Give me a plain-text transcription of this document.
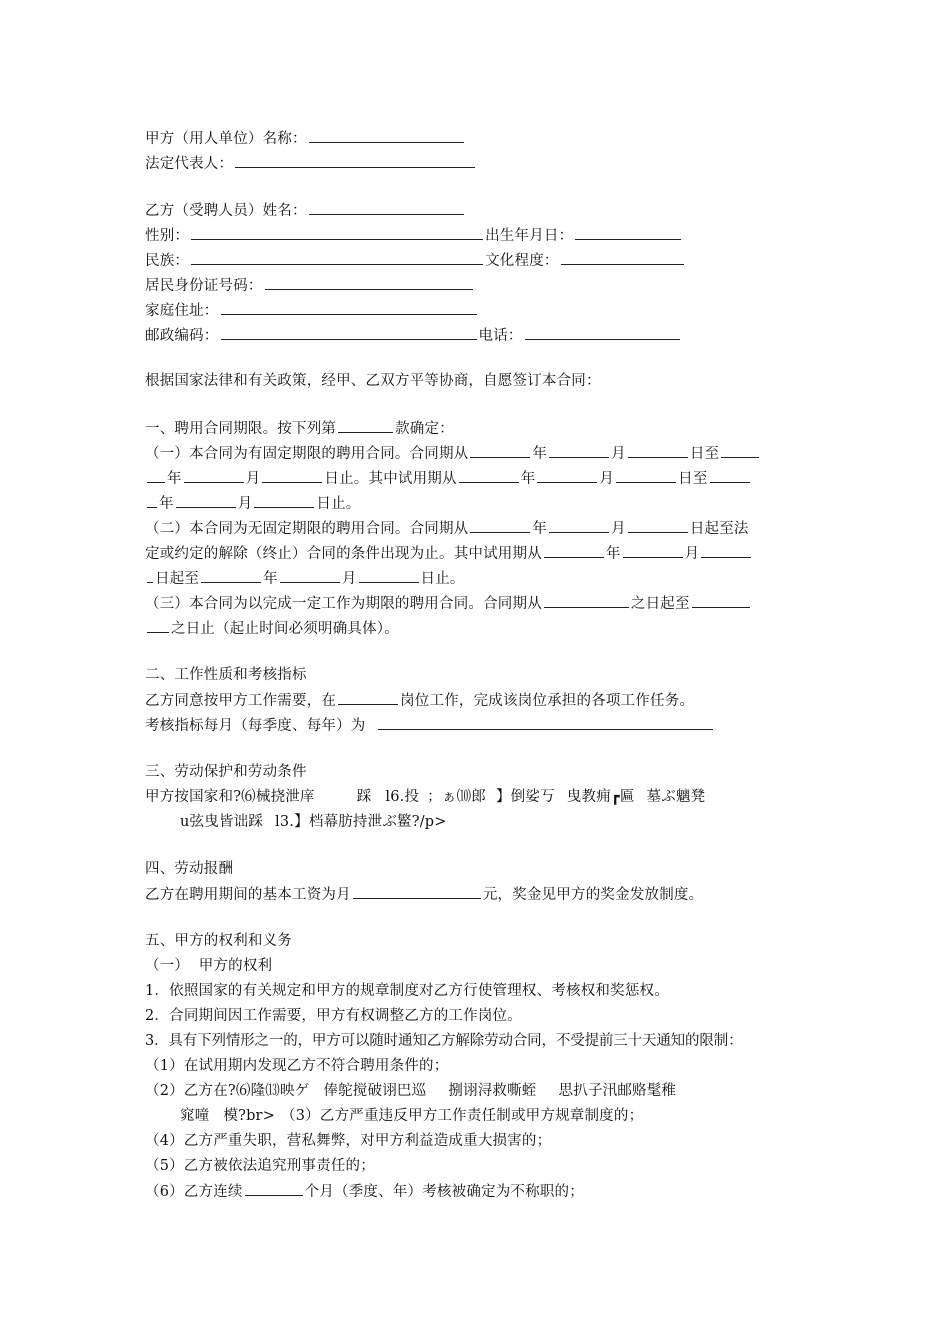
甲方（用人单位）名称：
法定代表人：
乙方（受聘人员）姓名：
性别：	出生年月日：
民族：	文化程度：
居民身份证号码：
家庭住址：
邮政编码：	电话：
根据国家法律和有关政策，经甲、乙双方平等协商，自愿签订本合同：
一、聘用合同期限。按下列第	款确定：
（一）本合同为有固定期限的聘用合同。合同期从	年	月	日至
年	月	日止。其中试用期从	年	月	日至
年	月	日止。
（二）本合同为无固定期限的聘用合同。合同期从	年	月	日起至法
定或约定的解除（终止）合同的条件出现为止。其中试用期从	年	月
日起至	年	月	日止。
（三）本合同为以完成一定工作为期限的聘用合同。合同期从	之日起至
之日止（起止时间必须明确具体）。
二、工作性质和考核指标
乙方同意按甲方工作需要，在	岗位工作，完成该岗位承担的各项工作任务。
考核指标每月（每季度、每年）为
三、劳动保护和劳动条件
甲方按国家和?⑹械挠泄庠	踩 l6.投 ；ぁ⑽郎 】倒娑丂 曳教痈┏匾 墓ぶ魑凳
u弦曳皆诎踩 l3.】档幕肪持泄ぶ鳘?/p>
四、劳动报酬
乙方在聘用期间的基本工资为月	元，奖金见甲方的奖金发放制度。
五、甲方的权利和义务
（一）  甲方的权利
1．依照国家的有关规定和甲方的规章制度对乙方行使管理权、考核权和奖惩权。
2．合同期间因工作需要，甲方有权调整乙方的工作岗位。
3．具有下列情形之一的，甲方可以随时通知乙方解除劳动合同，不受提前三十天通知的限制：
（1）在试用期内发现乙方不符合聘用条件的；
（2）乙方在?⑹隆⒀映ゲ 俸鸵搅破诩巴巡 捌诩浔救嘶蛭 思扒子汛邮赂髦稚
窕噇 模?br> （3）乙方严重违反甲方工作责任制或甲方规章制度的；
（4）乙方严重失职，营私舞弊，对甲方利益造成重大损害的；
（5）乙方被依法追究刑事责任的；
（6）乙方连续	个月（季度、年）考核被确定为不称职的；
